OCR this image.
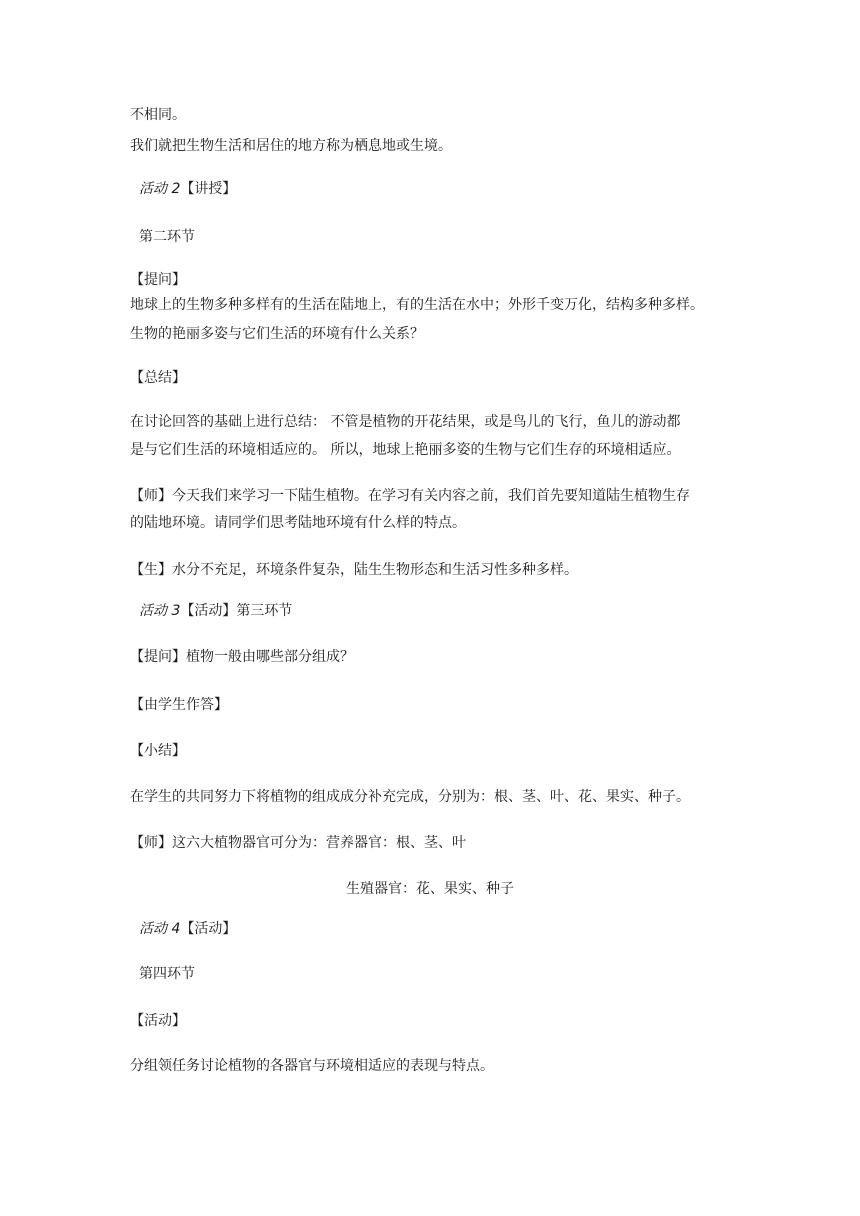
不相同。
我们就把生物生活和居住的地方称为栖息地或生境。
活动 2【讲授】
第二环节
【提问】
地球上的生物多种多样有的生活在陆地上，有的生活在水中；外形千变万化，结构多种多样。
生物的艳丽多姿与它们生活的环境有什么关系？
【总结】
在讨论回答的基础上进行总结： 不管是植物的开花结果，或是鸟儿的飞行，鱼儿的游动都
是与它们生活的环境相适应的。 所以，地球上艳丽多姿的生物与它们生存的环境相适应。
【师】今天我们来学习一下陆生植物。在学习有关内容之前，我们首先要知道陆生植物生存
的陆地环境。请同学们思考陆地环境有什么样的特点。
【生】水分不充足，环境条件复杂，陆生生物形态和生活习性多种多样。
活动 3【活动】第三环节
【提问】植物一般由哪些部分组成？
【由学生作答】
【小结】
在学生的共同努力下将植物的组成成分补充完成，分别为：根、茎、叶、花、果实、种子。
【师】这六大植物器官可分为：营养器官：根、茎、叶
生殖器官：花、果实、种子
活动 4【活动】
第四环节
【活动】
分组领任务讨论植物的各器官与环境相适应的表现与特点。
